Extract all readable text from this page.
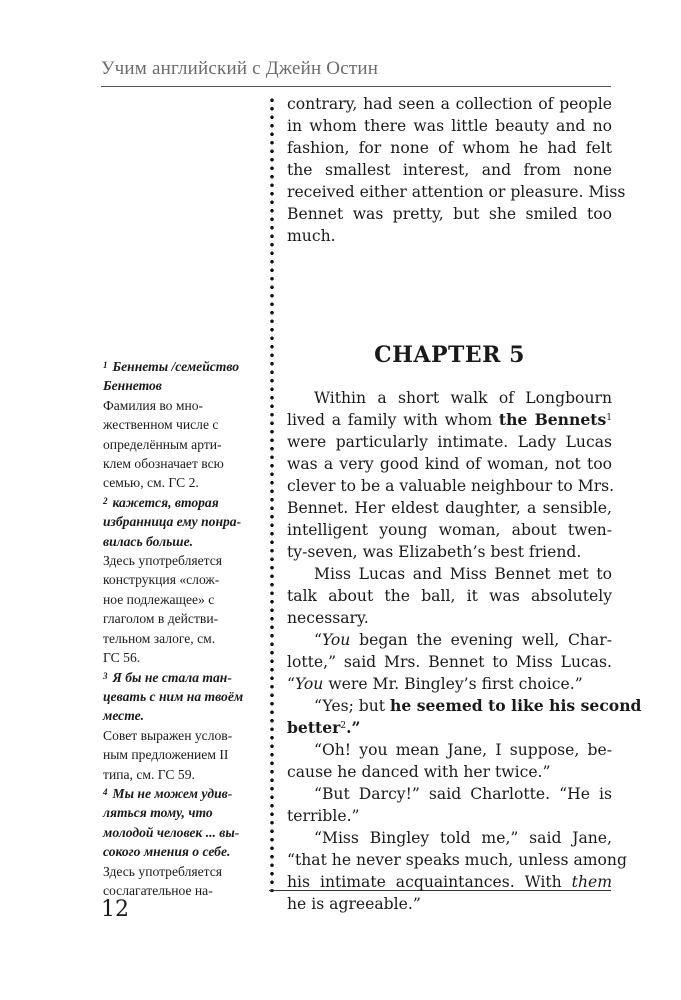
Учим английский с Джейн Остин
contrary, had seen a collection of people
in whom there was little beauty and no
fashion, for none of whom he had felt
the smallest interest, and from none
received either attention or pleasure. Miss
Bennet was pretty, but she smiled too
much.
CHAPTER 5
Within a short walk of Longbourn
lived a family with whom the Bennets$^1$
were particularly intimate. Lady Lucas
was a very good kind of woman, not too
clever to be a valuable neighbour to Mrs.
Bennet. Her eldest daughter, a sensible,
intelligent young woman, about twen-
ty-seven, was Elizabeth’s best friend.
Miss Lucas and Miss Bennet met to
talk about the ball, it was absolutely
necessary.
“You began the evening well, Char-
lotte,” said Mrs. Bennet to Miss Lucas.
“You were Mr. Bingley’s first choice.”
“Yes; but he seemed to like his second
better$^2$.”
“Oh! you mean Jane, I suppose, be-
cause he danced with her twice.”
“But Darcy!” said Charlotte. “He is
terrible.”
“Miss Bingley told me,” said Jane,
“that he never speaks much, unless among
his intimate acquaintances. With them
he is agreeable.”
$^1$ Беннеты /семейство
Беннетов
Фамилия во мно-
жественном числе с
определённым арти-
клем обозначает всю
семью, см. ГС 2.
$^2$ кажется, вторая
избранница ему понра-
вилась больше.
Здесь употребляется
конструкция «слож-
ное подлежащее» с
глаголом в действи-
тельном залоге, см.
ГС 56.
$^3$ Я бы не стала тан-
цевать с ним на твоём
месте.
Совет выражен услов-
ным предложением II
типа, см. ГС 59.
$^4$ Мы не можем удив-
ляться тому, что
молодой человек ... вы-
сокого мнения о себе.
Здесь употребляется
сослагательное на-
12
